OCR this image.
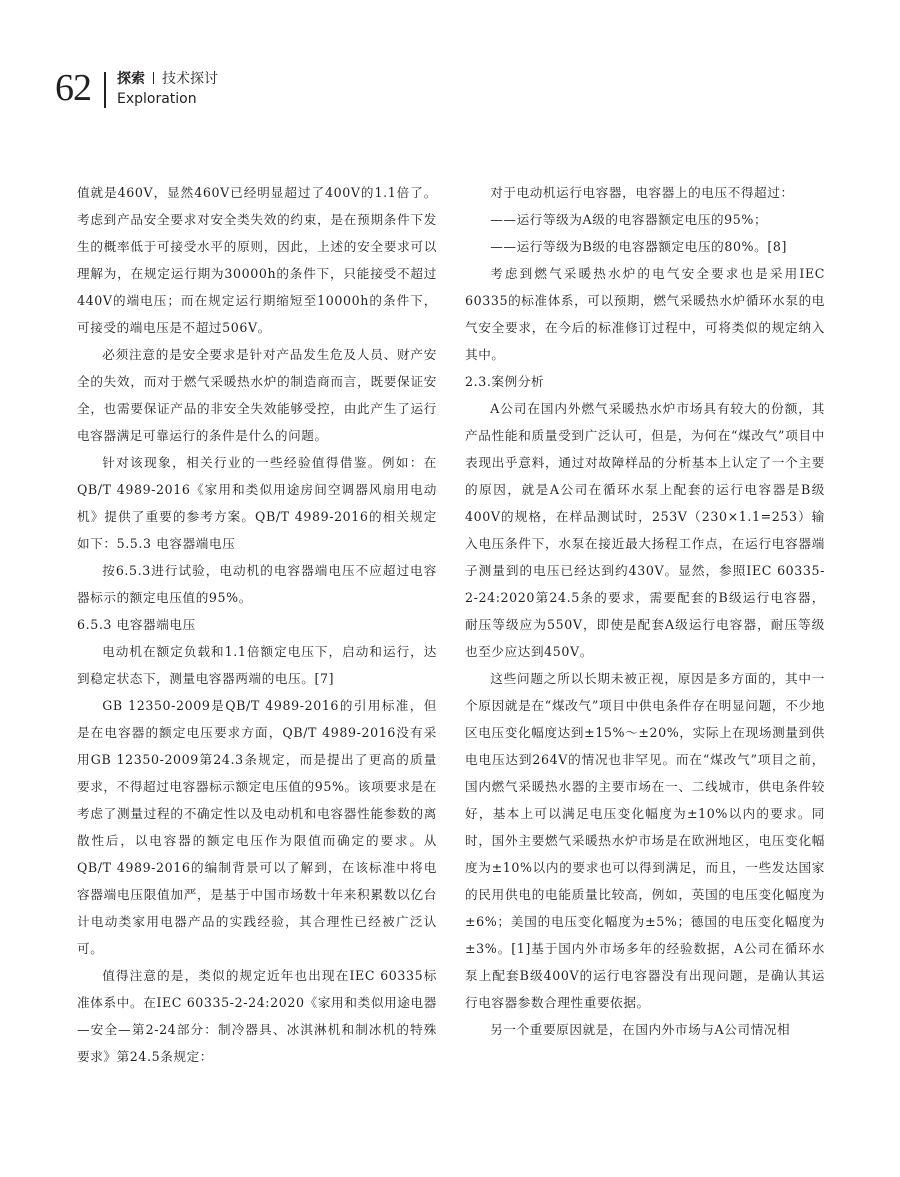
62 探索 技术探讨
Exploration

值就是460V，显然460V已经明显超过了400V的1.1倍了。考虑到产品安全要求对安全类失效的约束，是在预期条件下发生的概率低于可接受水平的原则，因此，上述的安全要求可以理解为，在规定运行期为30000h的条件下，只能接受不超过440V的端电压；而在规定运行期缩短至10000h的条件下，可接受的端电压是不超过506V。

必须注意的是安全要求是针对产品发生危及人员、财产安全的失效，而对于燃气采暖热水炉的制造商而言，既要保证安全，也需要保证产品的非安全失效能够受控，由此产生了运行电容器满足可靠运行的条件是什么的问题。

针对该现象，相关行业的一些经验值得借鉴。例如：在QB/T 4989-2016《家用和类似用途房间空调器风扇用电动机》提供了重要的参考方案。QB/T 4989-2016的相关规定如下：5.5.3 电容器端电压

按6.5.3进行试验，电动机的电容器端电压不应超过电容器标示的额定电压值的95%。

6.5.3 电容器端电压

电动机在额定负载和1.1倍额定电压下，启动和运行，达到稳定状态下，测量电容器两端的电压。[7]

GB 12350-2009是QB/T 4989-2016的引用标准，但是在电容器的额定电压要求方面，QB/T 4989-2016没有采用GB 12350-2009第24.3条规定，而是提出了更高的质量要求，不得超过电容器标示额定电压值的95%。该项要求是在考虑了测量过程的不确定性以及电动机和电容器性能参数的离散性后，以电容器的额定电压作为限值而确定的要求。从QB/T 4989-2016的编制背景可以了解到，在该标准中将电容器端电压限值加严，是基于中国市场数十年来积累数以亿台计电动类家用电器产品的实践经验，其合理性已经被广泛认可。

值得注意的是，类似的规定近年也出现在IEC 60335标准体系中。在IEC 60335-2-24:2020《家用和类似用途电器—安全—第2-24部分：制冷器具、冰淇淋机和制冰机的特殊要求》第24.5条规定：

对于电动机运行电容器，电容器上的电压不得超过：

——运行等级为A级的电容器额定电压的95%；

——运行等级为B级的电容器额定电压的80%。[8]

考虑到燃气采暖热水炉的电气安全要求也是采用IEC 60335的标准体系，可以预期，燃气采暖热水炉循环水泵的电气安全要求，在今后的标准修订过程中，可将类似的规定纳入其中。

2.3.案例分析

A公司在国内外燃气采暖热水炉市场具有较大的份额，其产品性能和质量受到广泛认可，但是，为何在“煤改气”项目中表现出乎意料，通过对故障样品的分析基本上认定了一个主要的原因，就是A公司在循环水泵上配套的运行电容器是B级400V的规格，在样品测试时，253V（230×1.1=253）输入电压条件下，水泵在接近最大扬程工作点，在运行电容器端子测量到的电压已经达到约430V。显然，参照IEC 60335-2-24:2020第24.5条的要求，需要配套的B级运行电容器，耐压等级应为550V，即使是配套A级运行电容器，耐压等级也至少应达到450V。

这些问题之所以长期未被正视，原因是多方面的，其中一个原因就是在“煤改气”项目中供电条件存在明显问题，不少地区电压变化幅度达到±15%～±20%，实际上在现场测量到供电电压达到264V的情况也非罕见。而在“煤改气”项目之前，国内燃气采暖热水器的主要市场在一、二线城市，供电条件较好，基本上可以满足电压变化幅度为±10%以内的要求。同时，国外主要燃气采暖热水炉市场是在欧洲地区，电压变化幅度为±10%以内的要求也可以得到满足，而且，一些发达国家的民用供电的电能质量比较高，例如，英国的电压变化幅度为±6%；美国的电压变化幅度为±5%；德国的电压变化幅度为±3%。[1]基于国内外市场多年的经验数据，A公司在循环水泵上配套B级400V的运行电容器没有出现问题，是确认其运行电容器参数合理性重要依据。

另一个重要原因就是，在国内外市场与A公司情况相
